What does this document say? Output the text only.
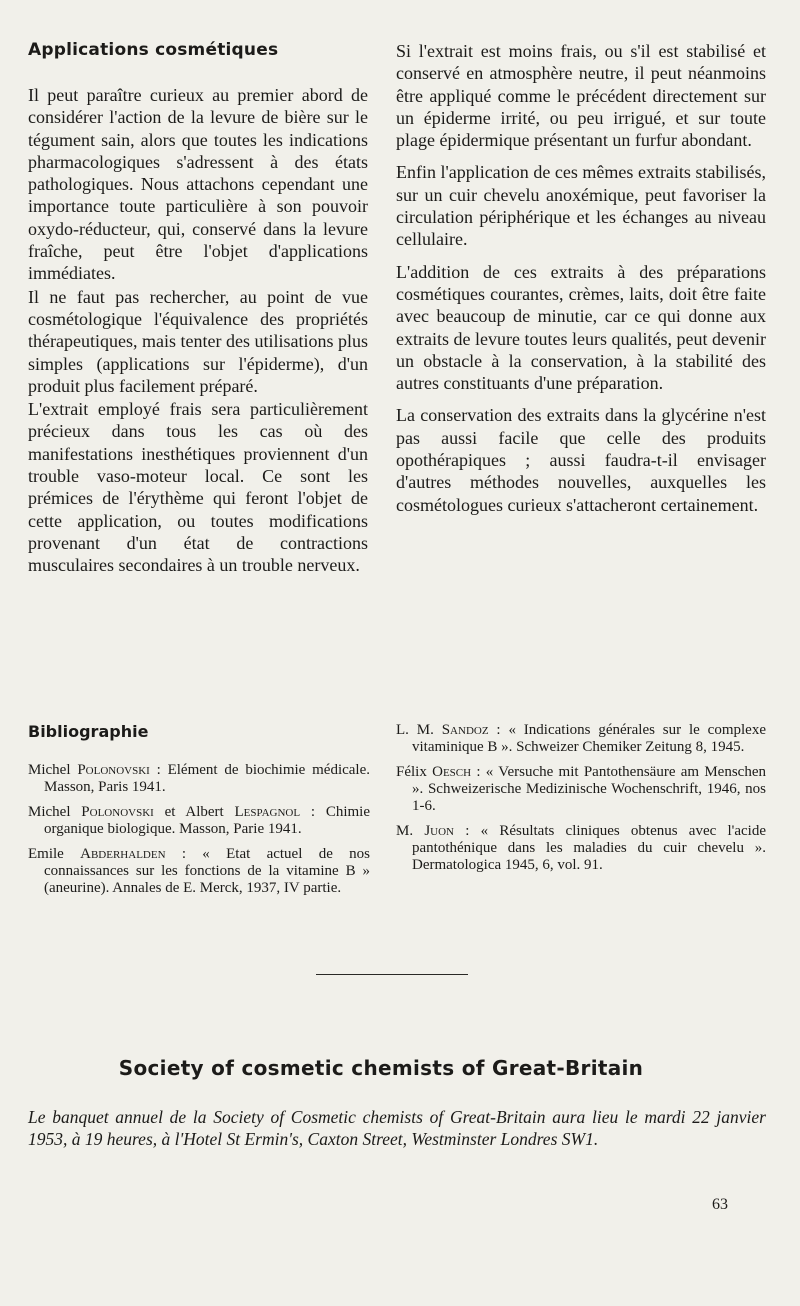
Applications cosmétiques

Il peut paraître curieux au premier abord de considérer l'action de la levure de bière sur le tégument sain, alors que toutes les indications pharmacologiques s'adressent à des états pathologiques. Nous attachons cependant une importance toute particulière à son pouvoir oxydo-réducteur, qui, conservé dans la levure fraîche, peut être l'objet d'applications immédiates.

Il ne faut pas rechercher, au point de vue cosmétologique l'équivalence des propriétés thérapeutiques, mais tenter des utilisations plus simples (applications sur l'épiderme), d'un produit plus facilement préparé.

L'extrait employé frais sera particulièrement précieux dans tous les cas où des manifestations inesthétiques proviennent d'un trouble vaso-moteur local. Ce sont les prémices de l'érythème qui feront l'objet de cette application, ou toutes modifications provenant d'un état de contractions musculaires secondaires à un trouble nerveux.

Si l'extrait est moins frais, ou s'il est stabilisé et conservé en atmosphère neutre, il peut néanmoins être appliqué comme le précédent directement sur un épiderme irrité, ou peu irrigué, et sur toute plage épidermique présentant un furfur abondant.

Enfin l'application de ces mêmes extraits stabilisés, sur un cuir chevelu anoxémique, peut favoriser la circulation périphérique et les échanges au niveau cellulaire.

L'addition de ces extraits à des préparations cosmétiques courantes, crèmes, laits, doit être faite avec beaucoup de minutie, car ce qui donne aux extraits de levure toutes leurs qualités, peut devenir un obstacle à la conservation, à la stabilité des autres constituants d'une préparation.

La conservation des extraits dans la glycérine n'est pas aussi facile que celle des produits opothérapiques ; aussi faudra-t-il envisager d'autres méthodes nouvelles, auxquelles les cosmétologues curieux s'attacheront certainement.

Bibliographie

Michel Polonovski : Elément de biochimie médicale. Masson, Paris 1941.

Michel Polonovski et Albert Lespagnol : Chimie organique biologique. Masson, Parie 1941.

Emile Abderhalden : « Etat actuel de nos connaissances sur les fonctions de la vitamine B » (aneurine). Annales de E. Merck, 1937, IV partie.

L. M. Sandoz : « Indications générales sur le complexe vitaminique B ». Schweizer Chemiker Zeitung 8, 1945.

Félix Oesch : « Versuche mit Pantothensäure am Menschen ». Schweizerische Medizinische Wochenschrift, 1946, nos 1-6.

M. Juon : « Résultats cliniques obtenus avec l'acide pantothénique dans les maladies du cuir chevelu ». Dermatologica 1945, 6, vol. 91.

Society of cosmetic chemists of Great-Britain

Le banquet annuel de la Society of Cosmetic chemists of Great-Britain aura lieu le mardi 22 janvier 1953, à 19 heures, à l'Hotel St Ermin's, Caxton Street, Westminster Londres SW1.

63
